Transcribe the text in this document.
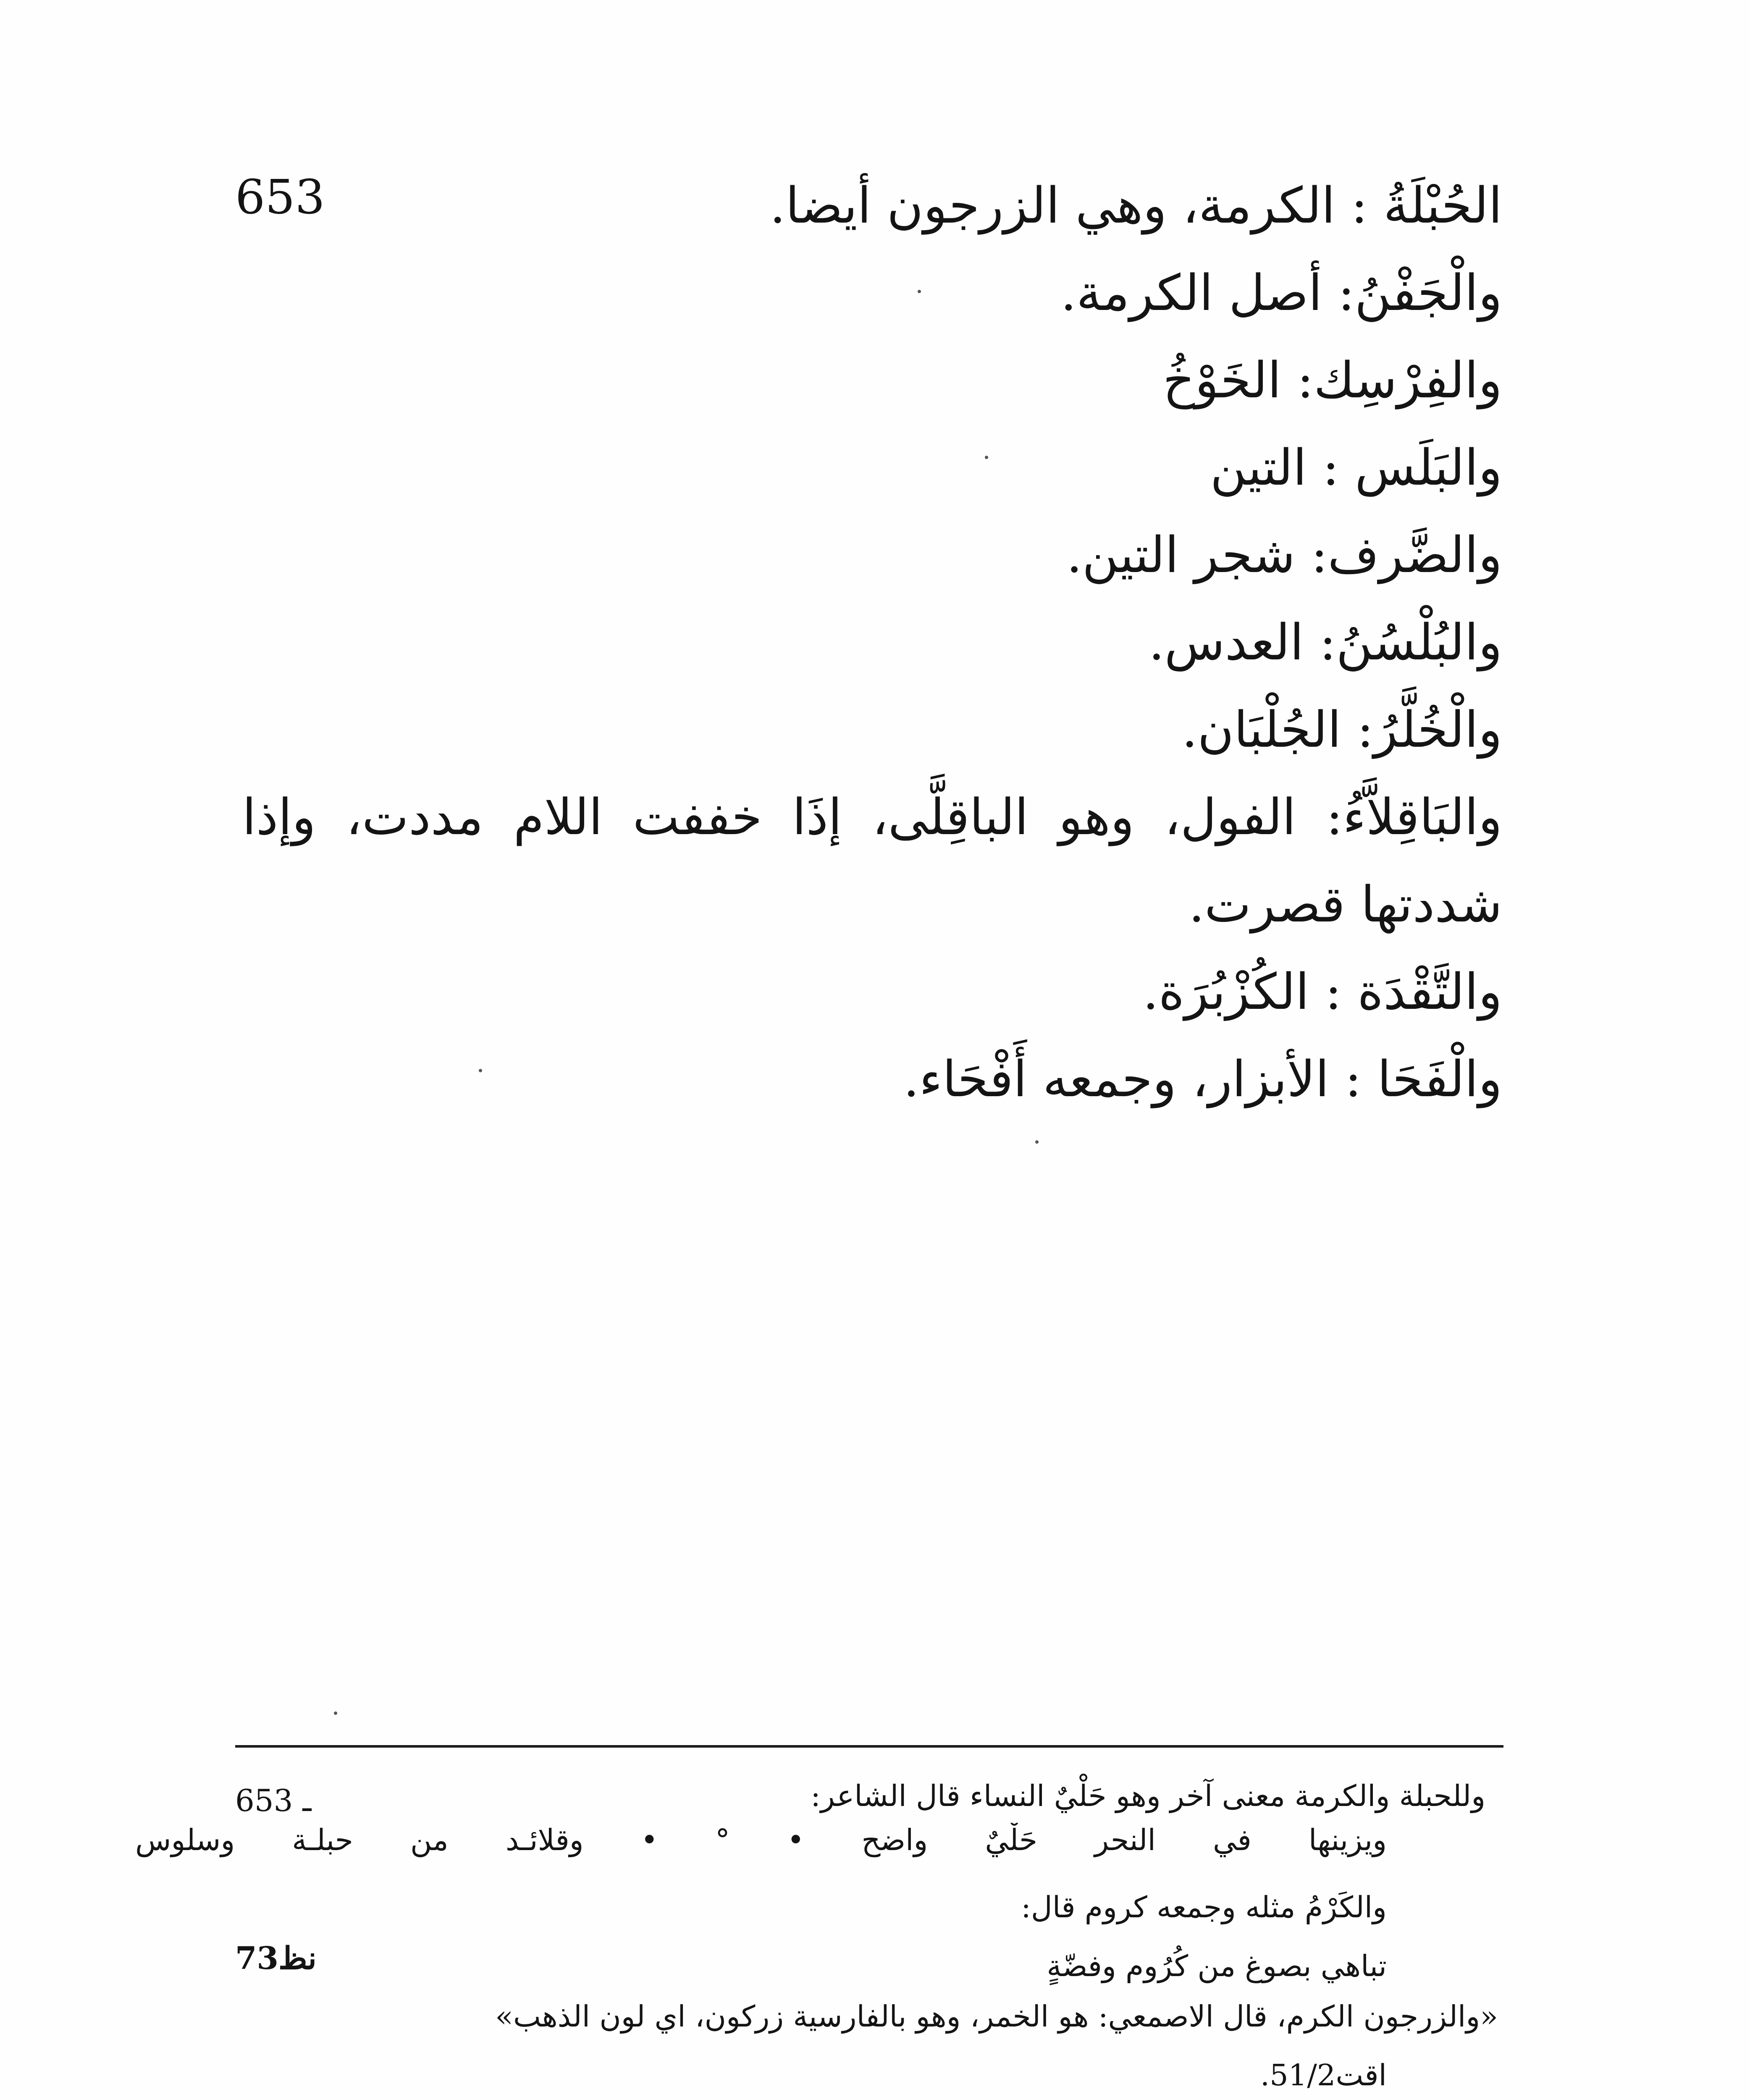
653	الحُبْلَةُ : الكرمة، وهي الزرجون أيضا.
والْجَفْنُ: أصل الكرمة.
والفِرْسِك: الخَوْخُ
والبَلَس : التين
والضَّرف: شجر التين.
والبُلْسُنُ: العدس.
والْخُلَّرُ: الجُلْبَان.
والبَاقِلاَّءُ: الفول، وهو الباقِلَّى، إذَا خففت اللام مددت، وإذا شددتها قصرت.
والتَّقْدَة : الكُزْبُرَة.
والْفَحَا : الأبزار، وجمعه أَفْحَاء.
653 ـ	وللحبلة والكرمة معنى آخر وهو حَلْيٌ النساء قال الشاعر:
ويزينها في النحر حَلْيٌ واضح • ° • وقلائـد من حبلـة وسلوس
والكَرْمُ مثله وجمعه كروم قال:
تباهي بصوغ من كُرُوم وفضّةٍ
«والزرجون الكرم، قال الاصمعي: هو الخمر، وهو بالفارسية زركون، اي لون الذهب»
اقت51/2.
نظ73
